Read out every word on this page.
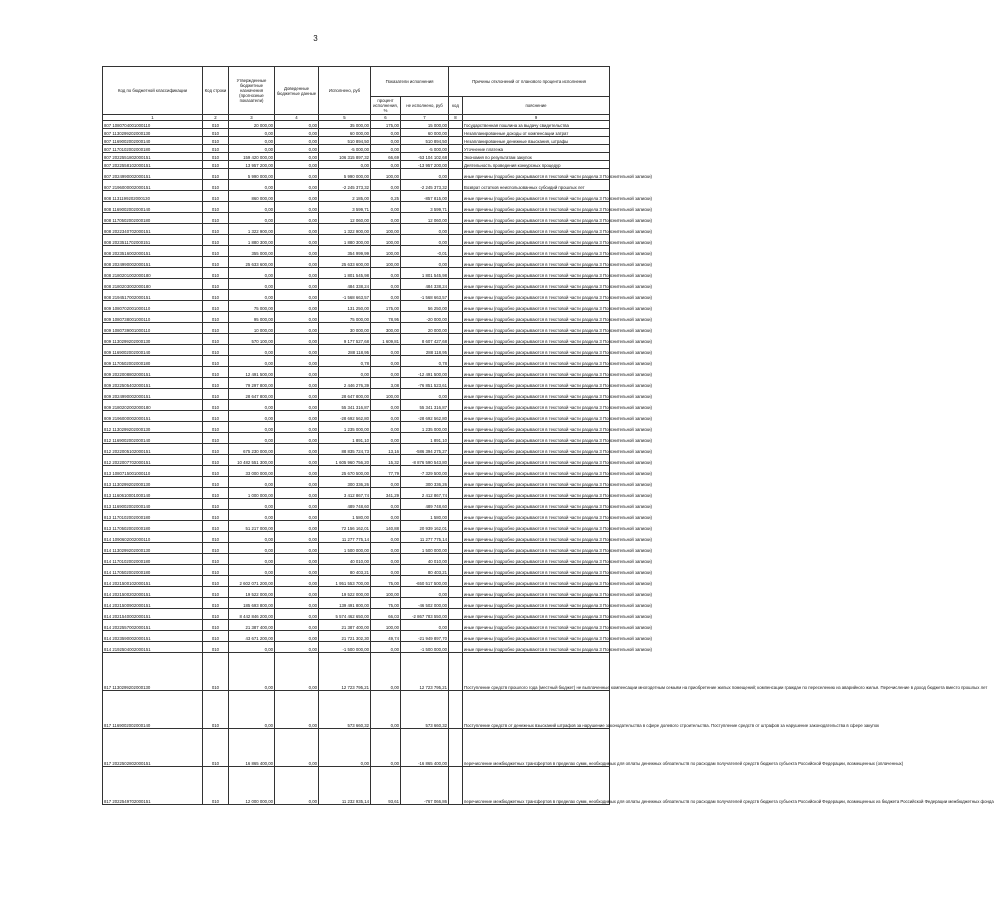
3
Код по бюджетной классификации	Код строки	Утвержденные бюджетные назначения (прогнозные показатели)	Доведенные бюджетные данные	Исполнено, руб	Показатели исполнения		Причины отклонений от планового процента исполнения	
					процент исполнения, %	не исполнено, руб	код	пояснение
1	2	3	4	5	6	7	8	9
807 1080704001000110	010	20 000,00	0,00	35 000,00	175,00	15 000,00		Государственная пошлина за выдачу свидетельства
807 1130299202000130	010	0,00	0,00	60 000,00	0,00	60 000,00		Незапланированные доходы от компенсации затрат
807 1169002002000140	010	0,00	0,00	510 894,50	0,00	510 894,50		Незапланированные денежные взыскания, штрафы
807 1170102002000180	010	0,00	0,00	-5 000,00	0,00	-5 000,00		Уточнение платежа
807 2022551802000151	010	159 420 000,00	0,00	106 315 897,32	66,69	-53 104 102,68		Экономия по результатам закупок
807 2022558102000151	010	13 957 200,00	0,00	0,00	0,00	-13 957 200,00		Деятельность проведения конкурсных процедур
807 2024990002000151	010	5 990 000,00	0,00	5 990 000,00	100,00	0,00		иные причины (подробно раскрываются в текстовой части раздела 3 Пояснительной записки)
807 2196000002000151	010	0,00	0,00	-2 245 373,32	0,00	-2 245 373,32		Возврат остатков неиспользованных субсидий прошлых лет
808 1131199202000130	010	860 000,00	0,00	2 185,00	0,25	-857 815,00		иные причины (подробно раскрываются в текстовой части раздела 3 Пояснительной записки)
808 1169002002000140	010	0,00	0,00	3 599,71	0,00	3 599,71		иные причины (подробно раскрываются в текстовой части раздела 3 Пояснительной записки)
808 1170502002000180	010	0,00	0,00	12 060,00	0,00	12 060,00		иные причины (подробно раскрываются в текстовой части раздела 3 Пояснительной записки)
808 2022340702000151	010	1 322 900,00	0,00	1 322 900,00	100,00	0,00		иные причины (подробно раскрываются в текстовой части раздела 3 Пояснительной записки)
808 2023511702000151	010	1 880 300,00	0,00	1 880 300,00	100,00	0,00		иные причины (подробно раскрываются в текстовой части раздела 3 Пояснительной записки)
808 2023516002000151	010	355 000,00	0,00	354 999,99	100,00	-0,01		иные причины (подробно раскрываются в текстовой части раздела 3 Пояснительной записки)
808 2024990002000151	010	25 633 600,00	0,00	25 633 600,00	100,00	0,00		иные причины (подробно раскрываются в текстовой части раздела 3 Пояснительной записки)
808 2180201002000180	010	0,00	0,00	1 801 545,98	0,00	1 801 545,98		иные причины (подробно раскрываются в текстовой части раздела 3 Пояснительной записки)
808 2180203002000180	010	0,00	0,00	484 338,24	0,00	484 338,24		иные причины (подробно раскрываются в текстовой части раздела 3 Пояснительной записки)
808 2194517002000151	010	0,00	0,00	-1 568 663,57	0,00	-1 568 663,57		иные причины (подробно раскрываются в текстовой части раздела 3 Пояснительной записки)
809 1080702001000110	010	75 000,00	0,00	131 250,00	175,00	56 250,00		иные причины (подробно раскрываются в текстовой части раздела 3 Пояснительной записки)
809 1080738001000110	010	95 000,00	0,00	75 000,00	78,95	-20 000,00		иные причины (подробно раскрываются в текстовой части раздела 3 Пояснительной записки)
809 1080739001000110	010	10 000,00	0,00	30 000,00	300,00	20 000,00		иные причины (подробно раскрываются в текстовой части раздела 3 Пояснительной записки)
809 1130299202000130	010	570 100,00	0,00	9 177 527,68	1 609,81	8 607 427,68		иные причины (подробно раскрываются в текстовой части раздела 3 Пояснительной записки)
809 1169002002000140	010	0,00	0,00	288 118,95	0,00	288 118,95		иные причины (подробно раскрываются в текстовой части раздела 3 Пояснительной записки)
809 1170502002000180	010	0,00	0,00	0,78	0,00	0,78		иные причины (подробно раскрываются в текстовой части раздела 3 Пояснительной записки)
809 2022008802000151	010	12 491 500,00	0,00	0,00	0,00	-12 491 500,00		иные причины (подробно раскрываются в текстовой части раздела 3 Пояснительной записки)
809 2022505402000151	010	79 297 800,00	0,00	2 446 276,39	3,08	-76 851 523,61		иные причины (подробно раскрываются в текстовой части раздела 3 Пояснительной записки)
809 2024990002000151	010	28 647 800,00	0,00	28 647 800,00	100,00	0,00		иные причины (подробно раскрываются в текстовой части раздела 3 Пояснительной записки)
809 2180202002000180	010	0,00	0,00	55 341 316,87	0,00	55 341 316,87		иные причины (подробно раскрываются в текстовой части раздела 3 Пояснительной записки)
809 2196000002000151	010	0,00	0,00	-28 692 562,80	0,00	-28 692 562,80		иные причины (подробно раскрываются в текстовой части раздела 3 Пояснительной записки)
812 1130299202000130	010	0,00	0,00	1 235 000,00	0,00	1 235 000,00		иные причины (подробно раскрываются в текстовой части раздела 3 Пояснительной записки)
812 1169002002000140	010	0,00	0,00	1 891,10	0,00	1 891,10		иные причины (подробно раскрываются в текстовой части раздела 3 Пояснительной записки)
812 2022005102000151	010	675 230 000,00	0,00	88 835 724,73	13,16	-586 394 275,27		иные причины (подробно раскрываются в текстовой части раздела 3 Пояснительной записки)
812 2022007702000151	010	10 482 551 300,00	0,00	1 605 960 756,20	15,32	-8 876 590 543,80		иные причины (подробно раскрываются в текстовой части раздела 3 Пояснительной записки)
813 1080715001000110	010	33 000 000,00	0,00	25 670 500,00	77,79	-7 329 500,00		иные причины (подробно раскрываются в текстовой части раздела 3 Пояснительной записки)
813 1130299202000130	010	0,00	0,00	300 336,26	0,00	300 336,26		иные причины (подробно раскрываются в текстовой части раздела 3 Пояснительной записки)
813 1160610001000140	010	1 000 000,00	0,00	3 412 867,74	341,29	2 412 867,74		иные причины (подробно раскрываются в текстовой части раздела 3 Пояснительной записки)
813 1169002002000140	010	0,00	0,00	489 748,60	0,00	489 748,60		иные причины (подробно раскрываются в текстовой части раздела 3 Пояснительной записки)
813 1170102002000180	010	0,00	0,00	1 580,00	0,00	1 580,00		иные причины (подробно раскрываются в текстовой части раздела 3 Пояснительной записки)
813 1170502002000180	010	51 217 000,00	0,00	72 156 162,01	140,88	20 939 162,01		иные причины (подробно раскрываются в текстовой части раздела 3 Пояснительной записки)
814 1090602002000110	010	0,00	0,00	11 277 775,14	0,00	11 277 775,14		иные причины (подробно раскрываются в текстовой части раздела 3 Пояснительной записки)
814 1130299202000130	010	0,00	0,00	1 500 000,00	0,00	1 500 000,00		иные причины (подробно раскрываются в текстовой части раздела 3 Пояснительной записки)
814 1170102002000180	010	0,00	0,00	40 010,00	0,00	40 010,00		иные причины (подробно раскрываются в текстовой части раздела 3 Пояснительной записки)
814 1170502002000180	010	0,00	0,00	80 403,21	0,00	80 403,21		иные причины (подробно раскрываются в текстовой части раздела 3 Пояснительной записки)
814 2021500102000151	010	2 602 071 200,00	0,00	1 951 553 700,00	75,00	-650 517 500,00		иные причины (подробно раскрываются в текстовой части раздела 3 Пояснительной записки)
814 2021500202000151	010	19 522 000,00	0,00	19 522 000,00	100,00	0,00		иные причины (подробно раскрываются в текстовой части раздела 3 Пояснительной записки)
814 2021500902000151	010	185 693 800,00	0,00	139 491 800,00	75,00	-46 502 000,00		иные причины (подробно раскрываются в текстовой части раздела 3 Пояснительной записки)
814 2021540002000151	010	8 442 846 200,00	0,00	5 574 462 650,00	66,03	-2 867 783 550,00		иные причины (подробно раскрываются в текстовой части раздела 3 Пояснительной записки)
814 2022557002000151	010	21 387 400,00	0,00	21 387 400,00	100,00	0,00		иные причины (подробно раскрываются в текстовой части раздела 3 Пояснительной записки)
814 2023590002000151	010	43 671 200,00	0,00	21 721 302,30	49,74	-21 949 897,70		иные причины (подробно раскрываются в текстовой части раздела 3 Пояснительной записки)
814 2192504002000151	010	0,00	0,00	-1 500 000,00	0,00	-1 500 000,00		иные причины (подробно раскрываются в текстовой части раздела 3 Пояснительной записки)
817 1130299202000130	010	0,00	0,00	12 723 795,21	0,00	12 723 795,21		Поступление средств прошлого года (местный бюджет) не выплаченные компенсации многодетным семьям на приобретение жилых помещений; компенсации граждан по переселению из аварийного жилья. Перечисление в доход бюджета вместо прошлых лет
817 1169002002000140	010	0,00	0,00	573 660,32	0,00	573 660,32		Поступление средств от денежных взысканий штрафов за нарушение законодательства в сфере долевого строительства. Поступление средств от штрафов за нарушение законодательства в сфере закупок
817 2022502802000151	010	16 865 400,00	0,00	0,00	0,00	-16 865 400,00		перечисление межбюджетных трансфертов в пределах сумм, необходимых для оплаты денежных обязательств по расходам получателей средств бюджета субъекта Российской Федерации, возмещенных (оплаченных)
817 2022549702000151	010	12 000 000,00	0,00	11 232 935,14	93,61	-767 066,86		перечисление межбюджетных трансфертов в пределах сумм, необходимых для оплаты денежных обязательств по расходам получателей средств бюджета субъекта Российской Федерации, возмещенных из бюджета Российской Федерации межбюджетных фонда
